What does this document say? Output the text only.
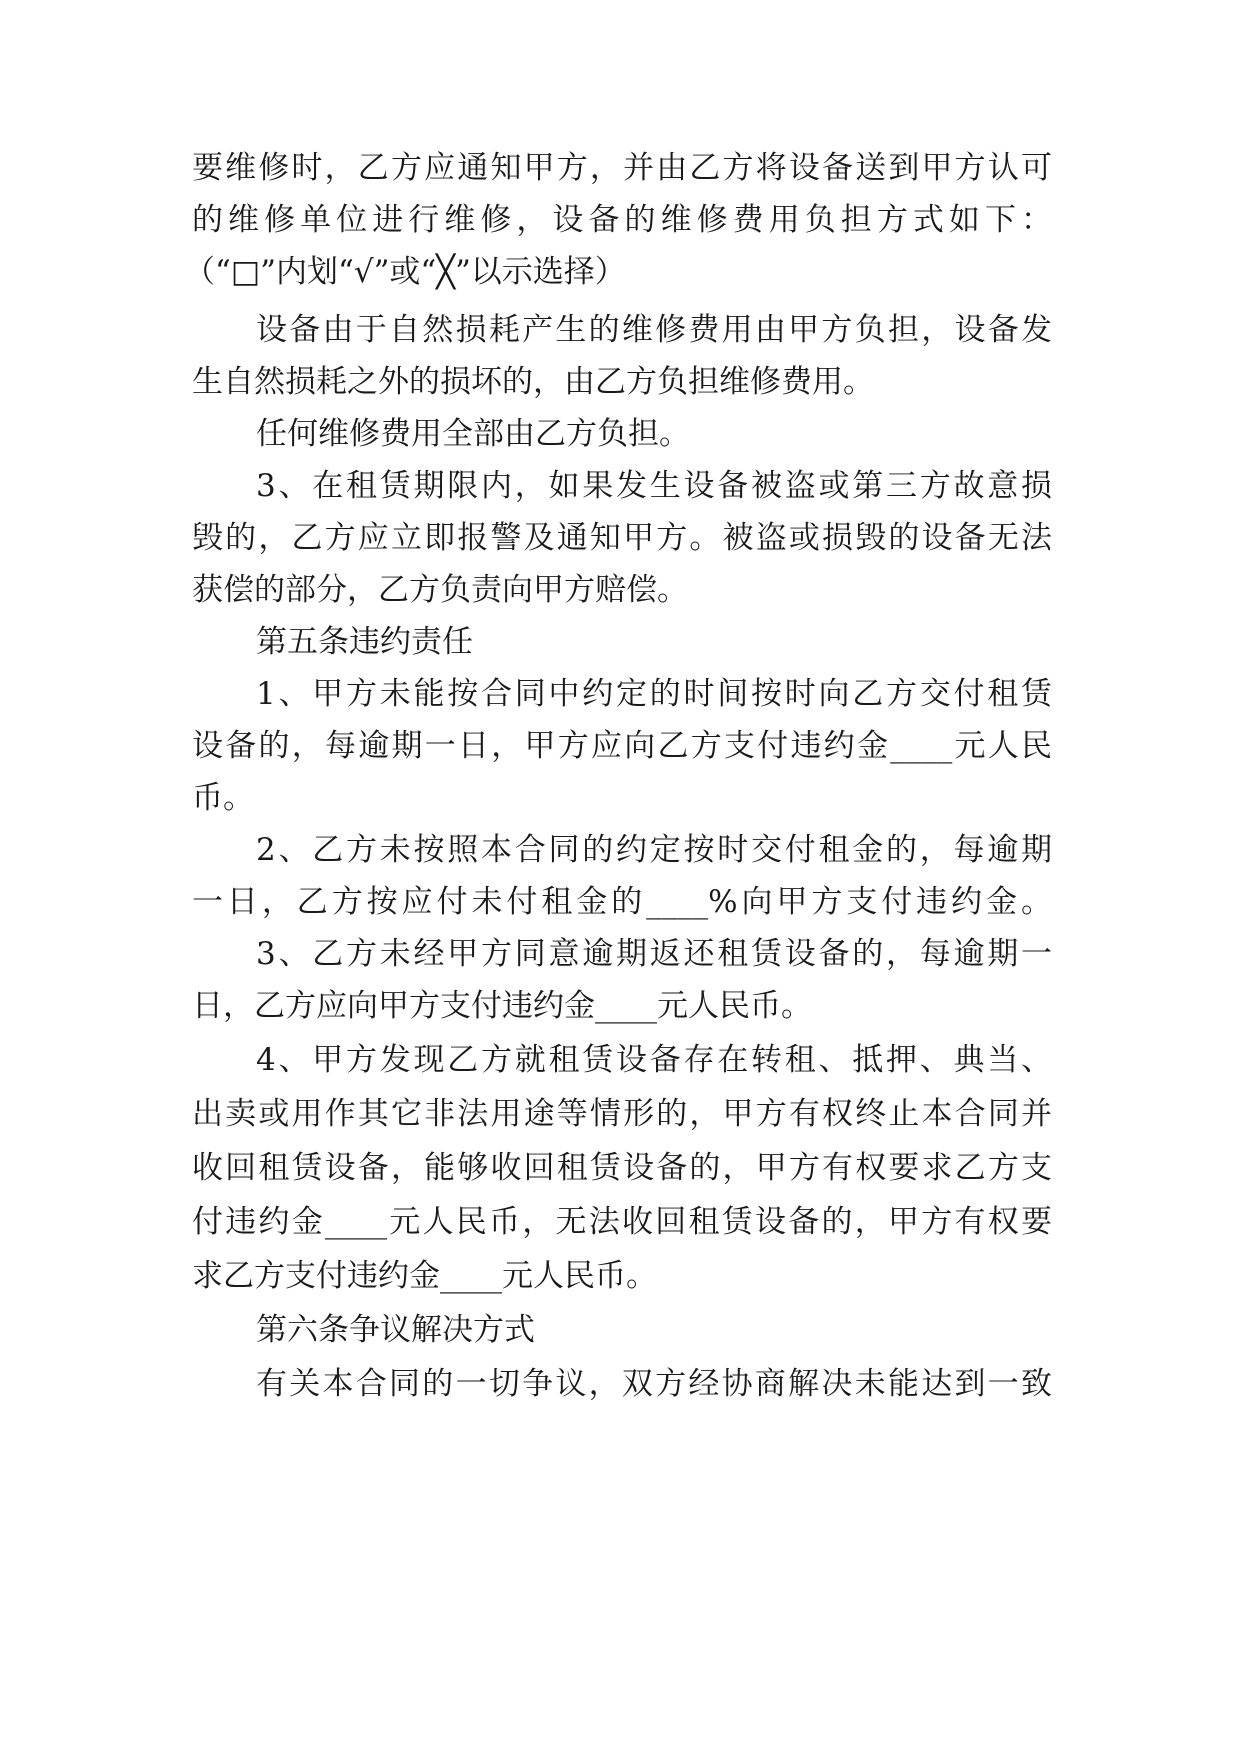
要维修时，乙方应通知甲方，并由乙方将设备送到甲方认可
的维修单位进行维修，设备的维修费用负担方式如下：
（“□”内划“√”或“╳”以示选择）
设备由于自然损耗产生的维修费用由甲方负担，设备发
生自然损耗之外的损坏的，由乙方负担维修费用。
任何维修费用全部由乙方负担。
3、在租赁期限内，如果发生设备被盗或第三方故意损
毁的，乙方应立即报警及通知甲方。被盗或损毁的设备无法
获偿的部分，乙方负责向甲方赔偿。
第五条违约责任
1、甲方未能按合同中约定的时间按时向乙方交付租赁
设备的，每逾期一日，甲方应向乙方支付违约金____元人民
币。
2、乙方未按照本合同的约定按时交付租金的，每逾期
一日，乙方按应付未付租金的____%向甲方支付违约金。
3、乙方未经甲方同意逾期返还租赁设备的，每逾期一
日，乙方应向甲方支付违约金____元人民币。
4、甲方发现乙方就租赁设备存在转租、抵押、典当、
出卖或用作其它非法用途等情形的，甲方有权终止本合同并
收回租赁设备，能够收回租赁设备的，甲方有权要求乙方支
付违约金____元人民币，无法收回租赁设备的，甲方有权要
求乙方支付违约金____元人民币。
第六条争议解决方式
有关本合同的一切争议，双方经协商解决未能达到一致
